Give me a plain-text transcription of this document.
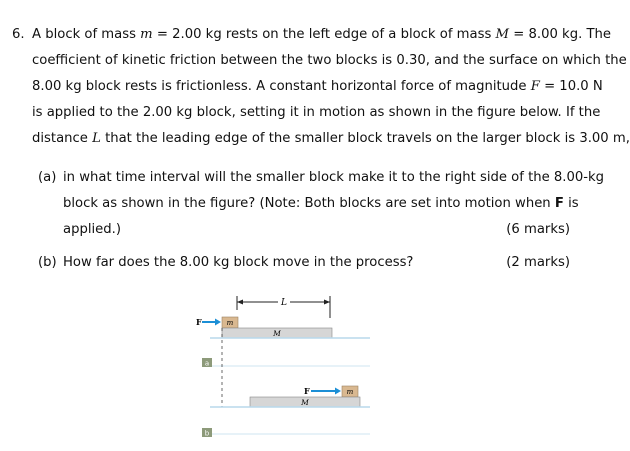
6. A block of mass m = 2.00 kg rests on the left edge of a block of mass M = 8.00 kg. The
coefficient of kinetic friction between the two blocks is 0.30, and the surface on which the
8.00 kg block rests is frictionless. A constant horizontal force of magnitude F = 10.0 N
is applied to the 2.00 kg block, setting it in motion as shown in the figure below. If the
distance L that the leading edge of the smaller block travels on the larger block is 3.00 m,
(a) in what time interval will the smaller block make it to the right side of the 8.00-kg
block as shown in the figure? (Note: Both blocks are set into motion when F is
applied.)	(6 marks)
(b) How far does the 8.00 kg block move in the process?	(2 marks)
L
F	m
M
a
F	m
M
b
